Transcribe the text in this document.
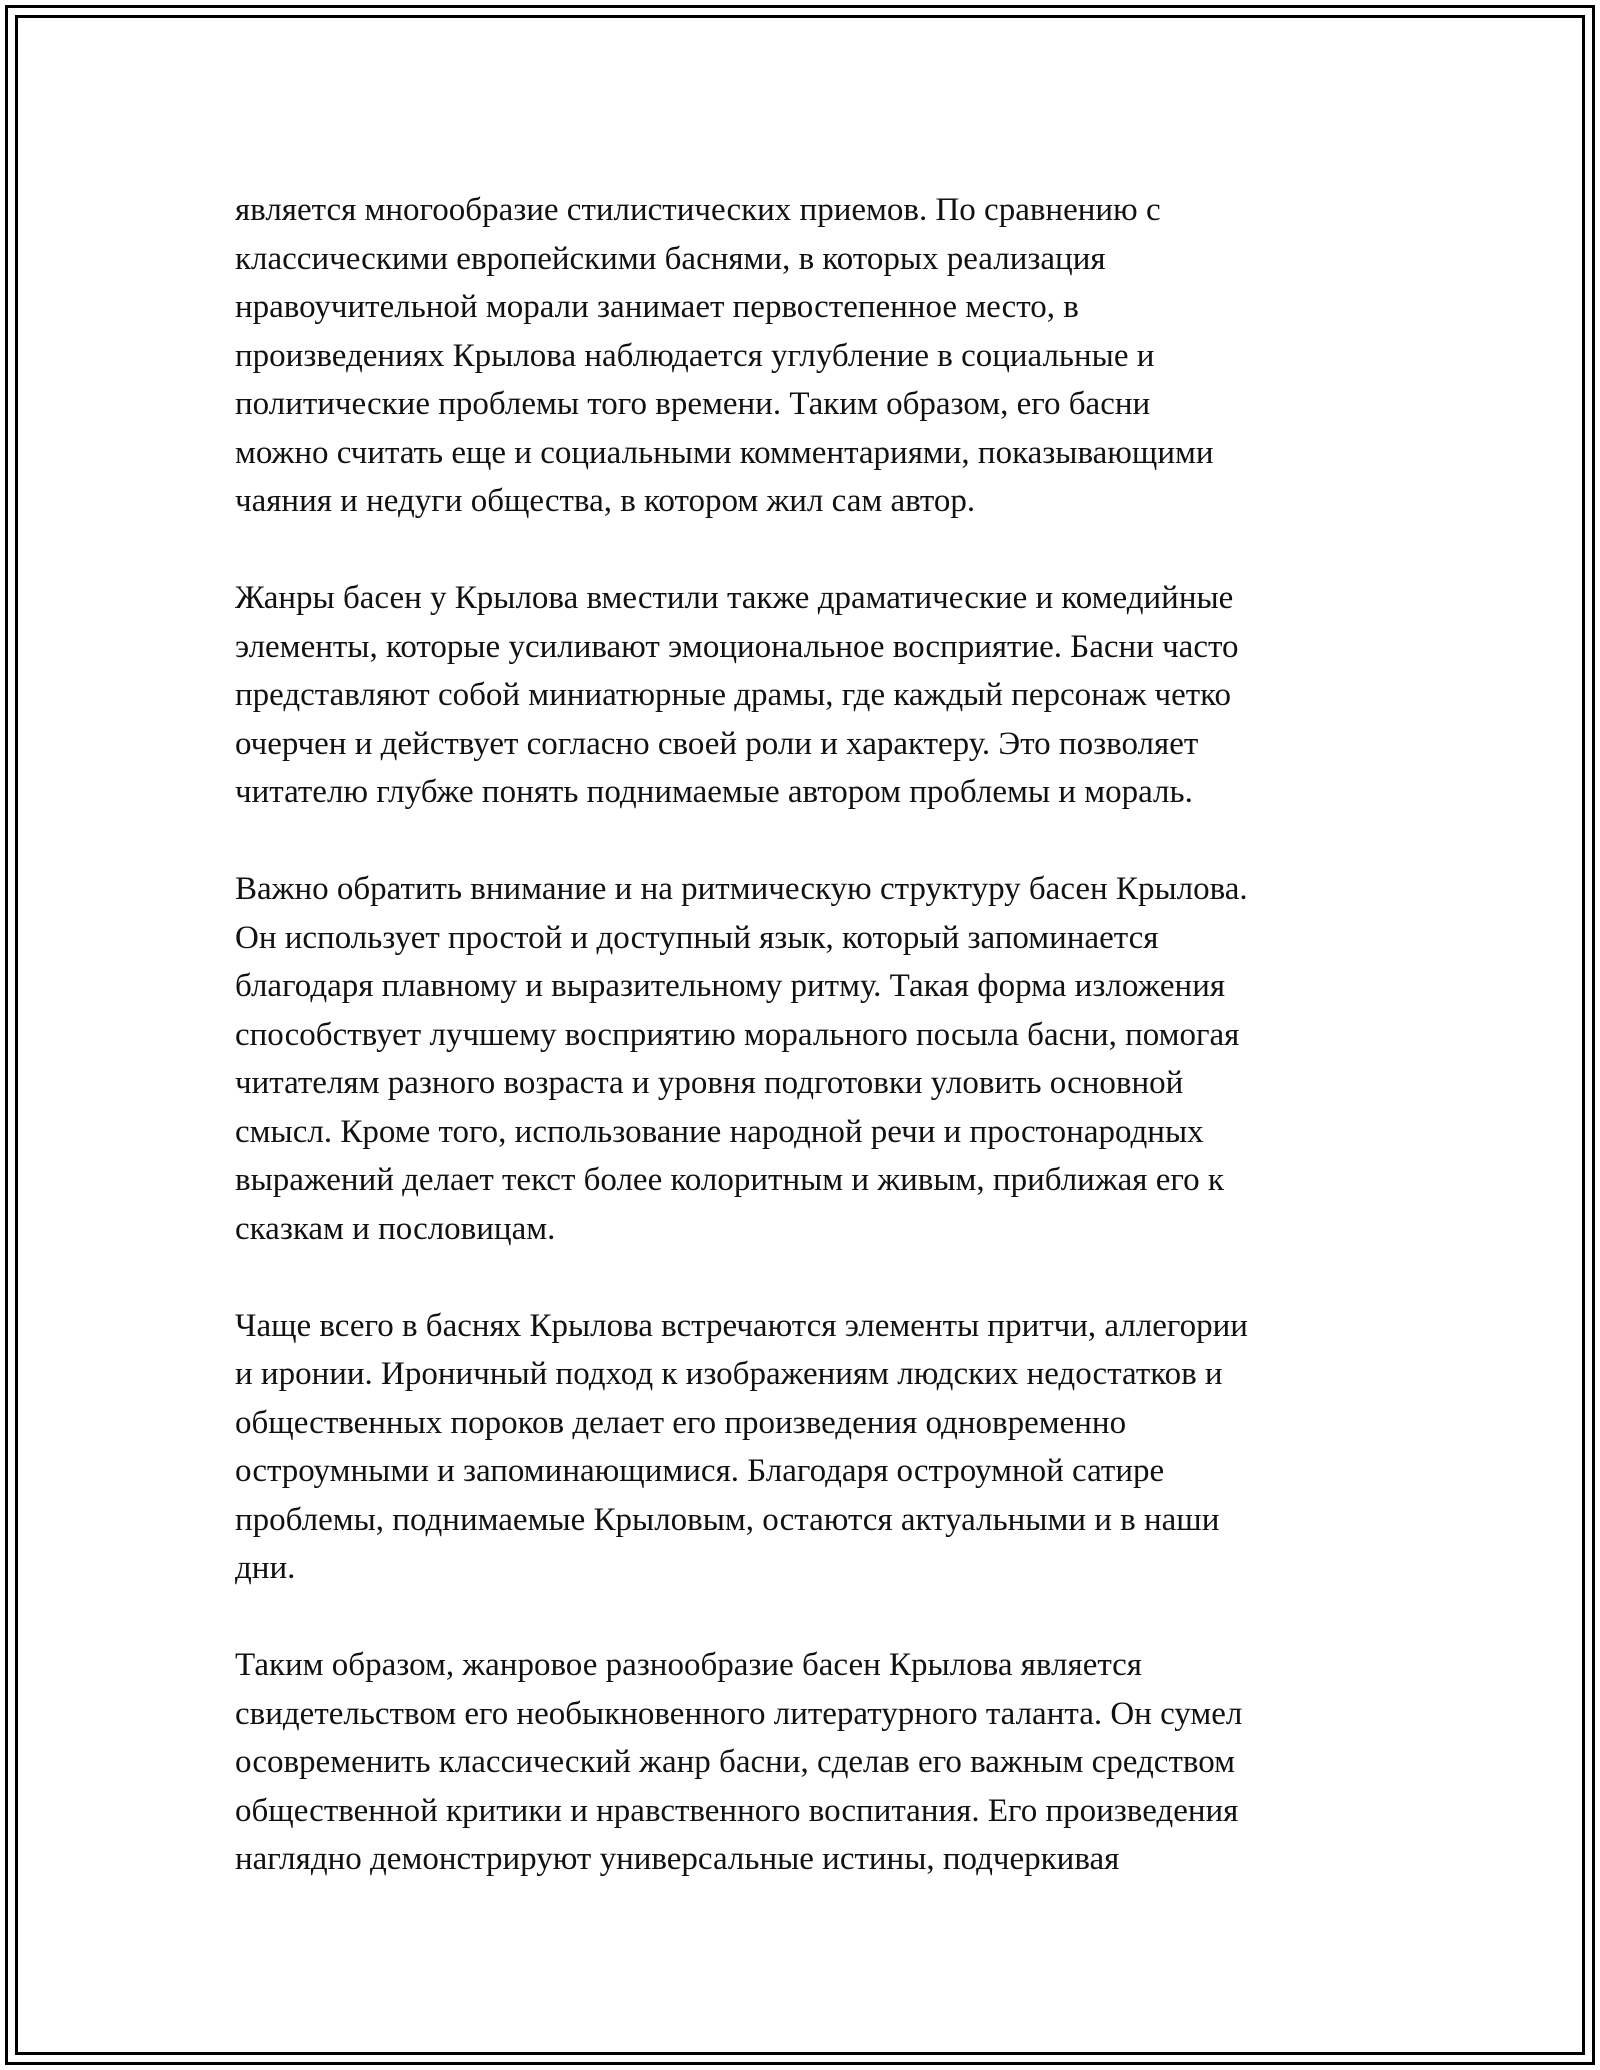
является многообразие стилистических приемов. По сравнению с
классическими европейскими баснями, в которых реализация
нравоучительной морали занимает первостепенное место, в
произведениях Крылова наблюдается углубление в социальные и
политические проблемы того времени. Таким образом, его басни
можно считать еще и социальными комментариями, показывающими
чаяния и недуги общества, в котором жил сам автор.
Жанры басен у Крылова вместили также драматические и комедийные
элементы, которые усиливают эмоциональное восприятие. Басни часто
представляют собой миниатюрные драмы, где каждый персонаж четко
очерчен и действует согласно своей роли и характеру. Это позволяет
читателю глубже понять поднимаемые автором проблемы и мораль.
Важно обратить внимание и на ритмическую структуру басен Крылова.
Он использует простой и доступный язык, который запоминается
благодаря плавному и выразительному ритму. Такая форма изложения
способствует лучшему восприятию морального посыла басни, помогая
читателям разного возраста и уровня подготовки уловить основной
смысл. Кроме того, использование народной речи и простонародных
выражений делает текст более колоритным и живым, приближая его к
сказкам и пословицам.
Чаще всего в баснях Крылова встречаются элементы притчи, аллегории
и иронии. Ироничный подход к изображениям людских недостатков и
общественных пороков делает его произведения одновременно
остроумными и запоминающимися. Благодаря остроумной сатире
проблемы, поднимаемые Крыловым, остаются актуальными и в наши
дни.
Таким образом, жанровое разнообразие басен Крылова является
свидетельством его необыкновенного литературного таланта. Он сумел
осовременить классический жанр басни, сделав его важным средством
общественной критики и нравственного воспитания. Его произведения
наглядно демонстрируют универсальные истины, подчеркивая
